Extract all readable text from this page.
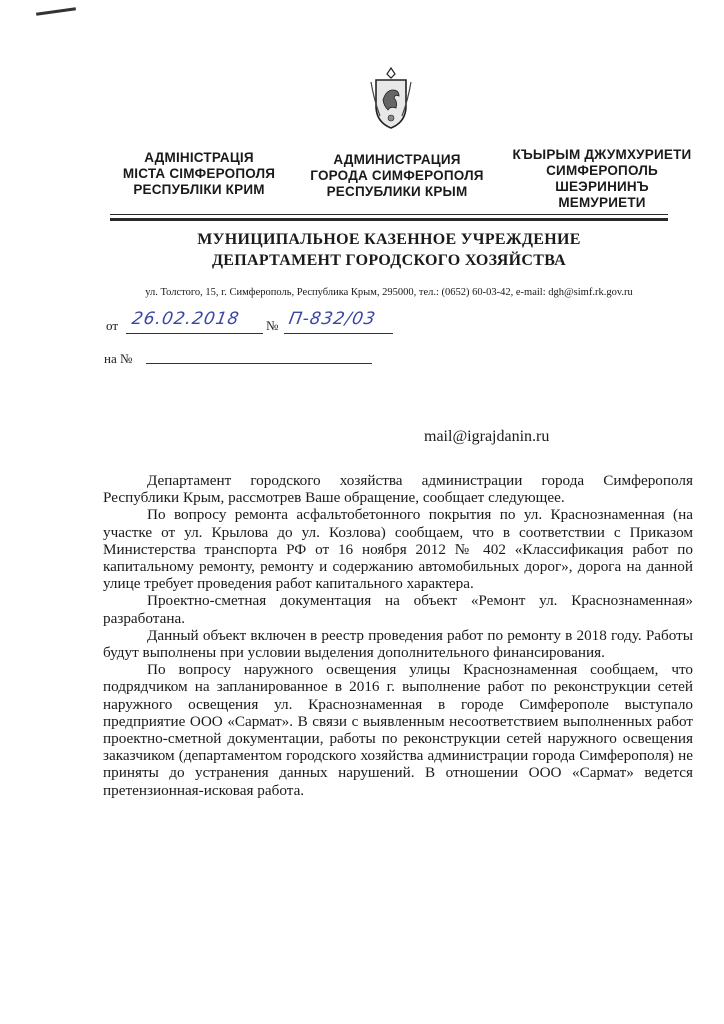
АДМІНІСТРАЦІЯ
МІСТА СІМФЕРОПОЛЯ
РЕСПУБЛІКИ КРИМ
АДМИНИСТРАЦИЯ
ГОРОДА СИМФЕРОПОЛЯ
РЕСПУБЛИКИ КРЫМ
КЪЫРЫМ ДЖУМХУРИЕТИ
СИМФЕРОПОЛЬ
ШЕЭРИНИНЪ
МЕМУРИЕТИ
МУНИЦИПАЛЬНОЕ КАЗЕННОЕ УЧРЕЖДЕНИЕ
ДЕПАРТАМЕНТ ГОРОДСКОГО ХОЗЯЙСТВА
ул. Толстого, 15, г. Симферополь, Республика Крым, 295000, тел.: (0652) 60-03-42, e-mail: dgh@simf.rk.gov.ru
от 26.02.2018 № П-832/03
на №
mail@igrajdanin.ru

Департамент городского хозяйства администрации города Симферополя Республики Крым, рассмотрев Ваше обращение, сообщает следующее.

По вопросу ремонта асфальтобетонного покрытия по ул. Краснознаменная (на участке от ул. Крылова до ул. Козлова) сообщаем, что в соответствии с Приказом Министерства транспорта РФ от 16 ноября 2012 № 402 «Классификация работ по капитальному ремонту, ремонту и содержанию автомобильных дорог», дорога на данной улице требует проведения работ капитального характера.

Проектно-сметная документация на объект «Ремонт ул. Краснознаменная» разработана.

Данный объект включен в реестр проведения работ по ремонту в 2018 году. Работы будут выполнены при условии выделения дополнительного финансирования.

По вопросу наружного освещения улицы Краснознаменная сообщаем, что подрядчиком на запланированное в 2016 г. выполнение работ по реконструкции сетей наружного освещения ул. Краснознаменная в городе Симферополе выступало предприятие ООО «Сармат». В связи с выявленным несоответствием выполненных работ проектно-сметной документации, работы по реконструкции сетей наружного освещения заказчиком (департаментом городского хозяйства администрации города Симферополя) не приняты до устранения данных нарушений. В отношении ООО «Сармат» ведется претензионная-исковая работа.
